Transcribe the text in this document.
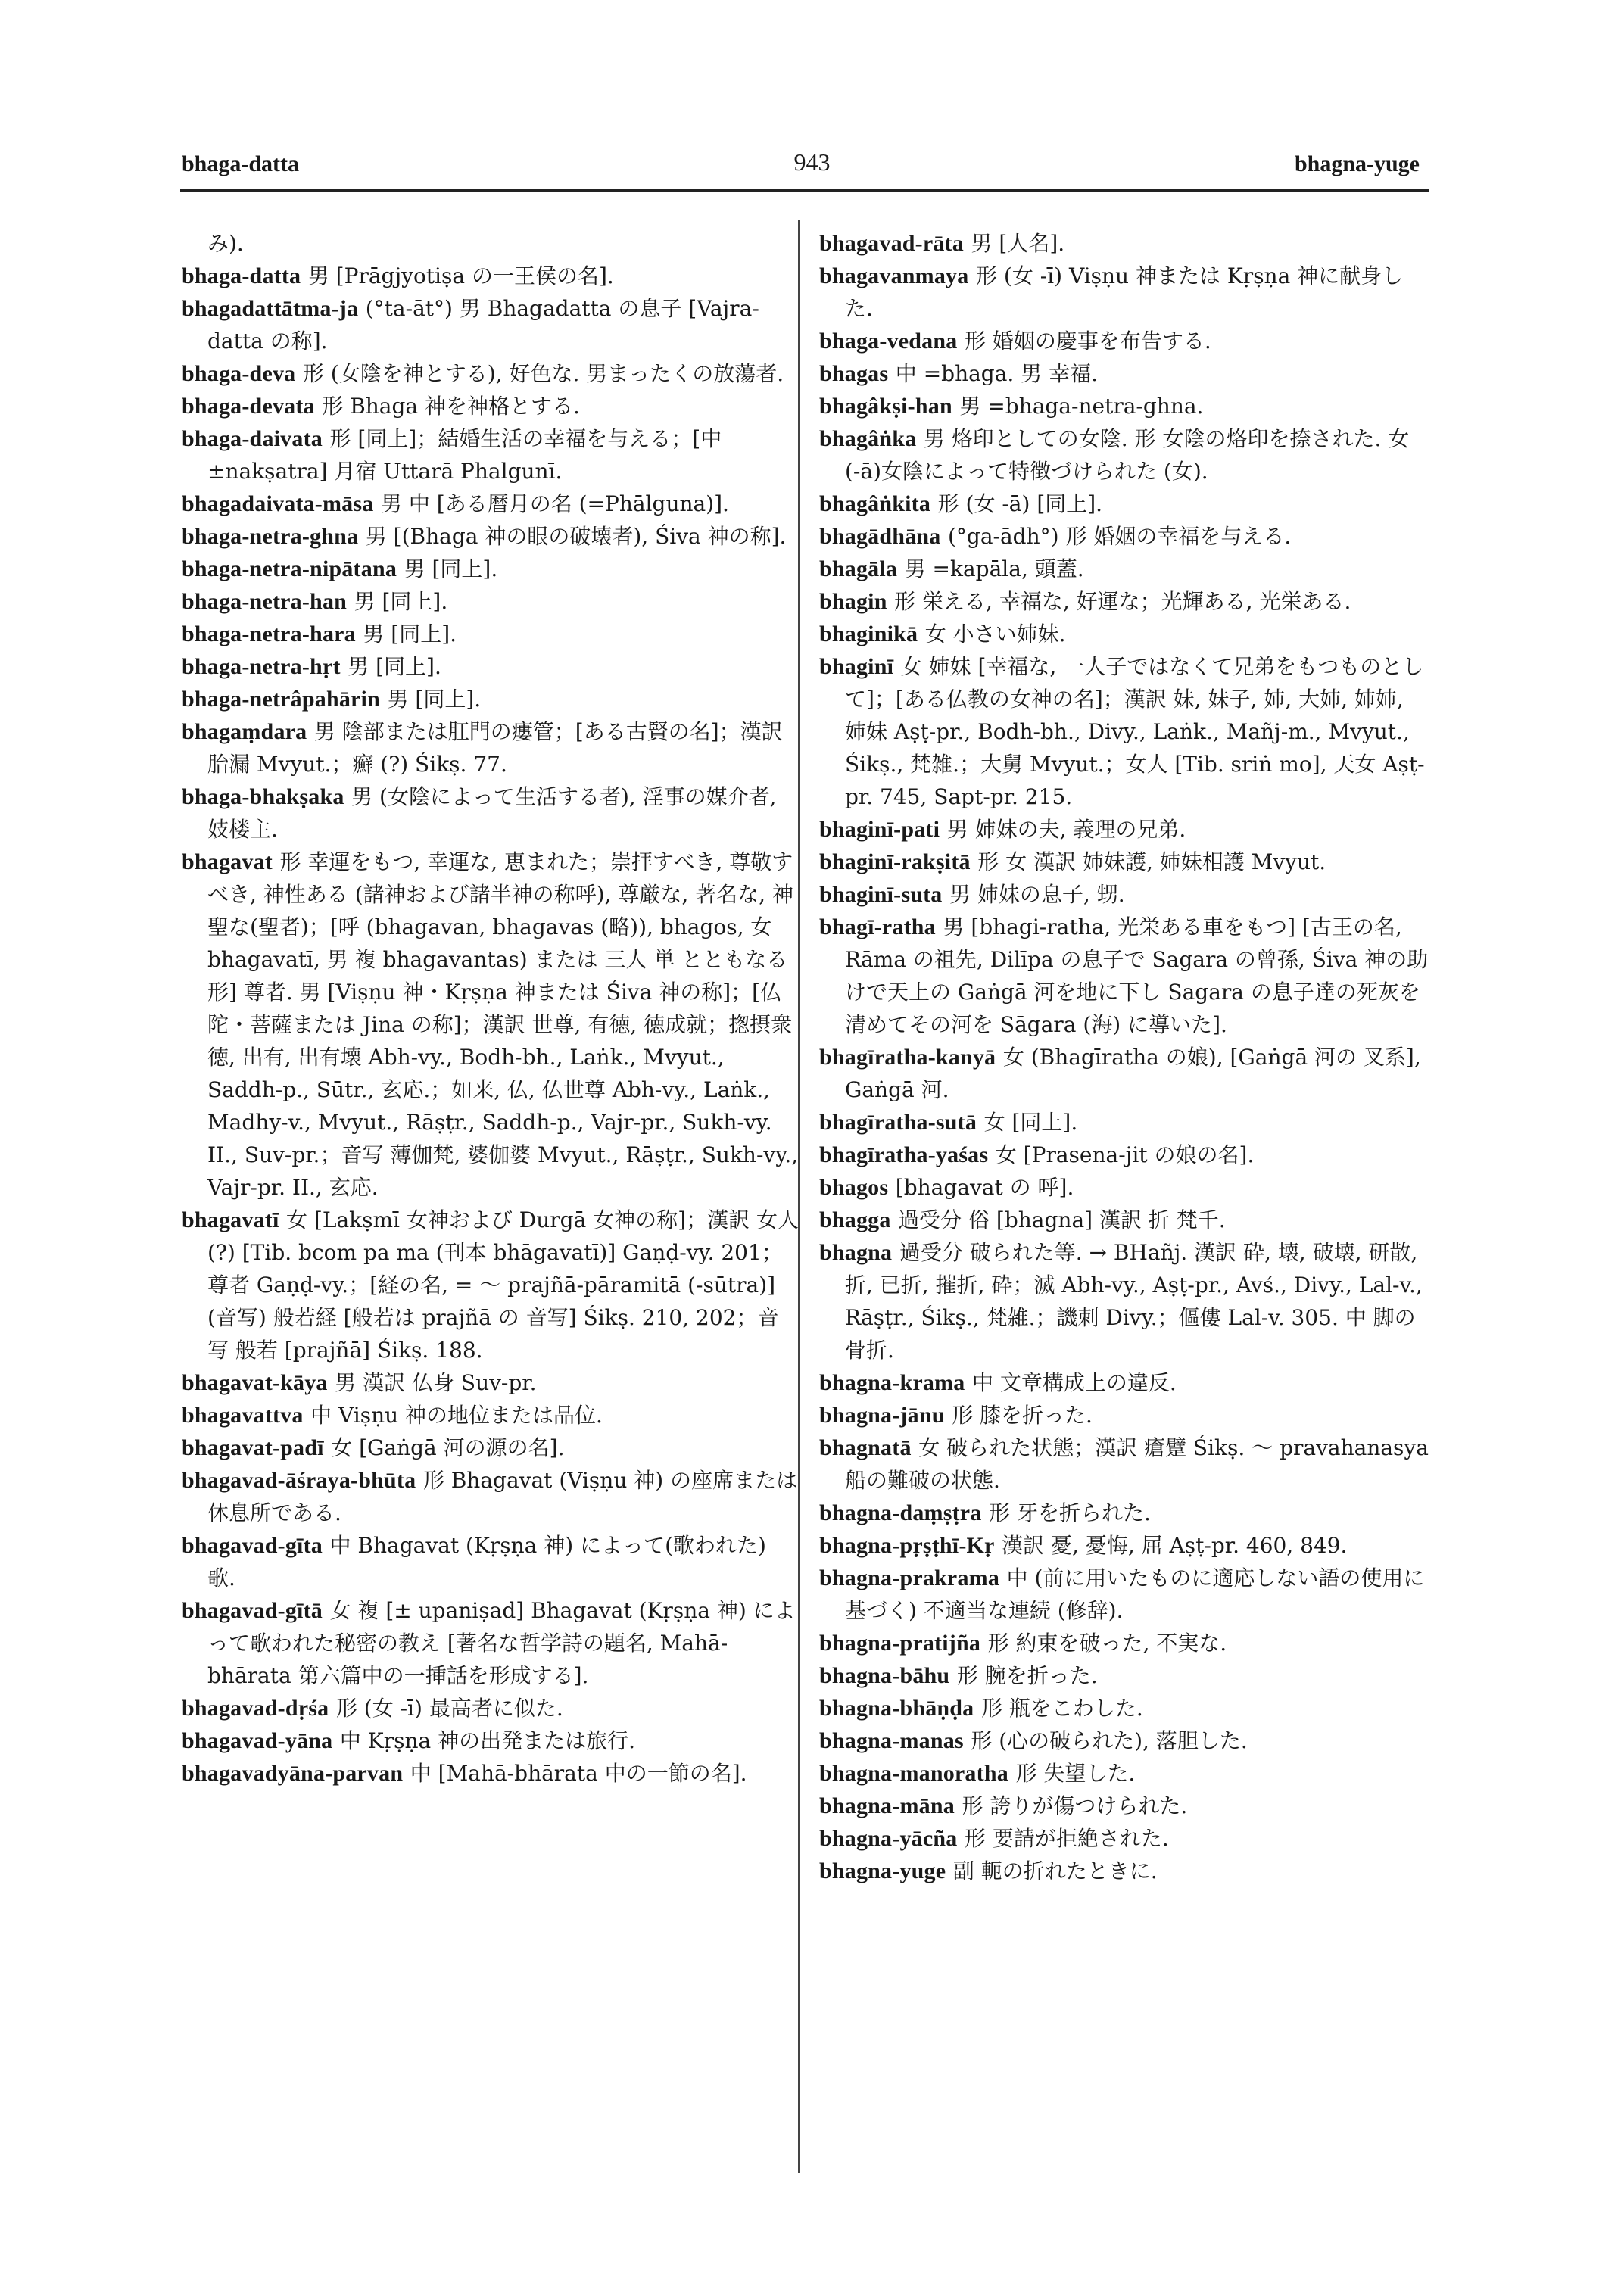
bhaga-datta	943	bhagna-yuge

み).

bhaga-datta 男 [Prāgjyotiṣa の一王侯の名].

bhagadattātma-ja (°ta-āt°) 男 Bhagadatta の息子 [Vajra-datta の称].

bhaga-deva 形 (女陰を神とする), 好色な. 男まったくの放蕩者.

bhaga-devata 形 Bhaga 神を神格とする.

bhaga-daivata 形 [同上]；結婚生活の幸福を与える；[中±nakṣatra] 月宿 Uttarā Phalgunī.

bhagadaivata-māsa 男 中 [ある暦月の名 (=Phālguna)].

bhaga-netra-ghna 男 [(Bhaga 神の眼の破壊者), Śiva 神の称].

bhaga-netra-nipātana 男 [同上].

bhaga-netra-han 男 [同上].

bhaga-netra-hara 男 [同上].

bhaga-netra-hṛt 男 [同上].

bhaga-netrâpahārin 男 [同上].

bhagaṃdara 男 陰部または肛門の瘻管；[ある古賢の名]；漢訳 胎漏 Mvyut.；癬 (?) Śikṣ. 77.

bhaga-bhakṣaka 男 (女陰によって生活する者), 淫事の媒介者, 妓楼主.

bhagavat 形 幸運をもつ, 幸運な, 恵まれた；崇拝すべき, 尊敬すべき, 神性ある (諸神および諸半神の称呼), 尊厳な, 著名な, 神聖な(聖者)；[呼 (bhagavan, bhagavas (略)), bhagos, 女 bhagavatī, 男 複 bhagavantas) または 三人 単 とともなる 形] 尊者. 男 [Viṣṇu 神・Kṛṣṇa 神または Śiva 神の称]；[仏陀・菩薩または Jina の称]；漢訳 世尊, 有徳, 徳成就；揔摂衆徳, 出有, 出有壊 Abh-vy., Bodh-bh., Laṅk., Mvyut., Saddh-p., Sūtr., 玄応.；如来, 仏, 仏世尊 Abh-vy., Laṅk., Madhy-v., Mvyut., Rāṣṭr., Saddh-p., Vajr-pr., Sukh-vy. II., Suv-pr.；音写 薄伽梵, 婆伽婆 Mvyut., Rāṣṭr., Sukh-vy., Vajr-pr. II., 玄応.

bhagavatī 女 [Lakṣmī 女神および Durgā 女神の称]；漢訳 女人 (?) [Tib. bcom pa ma (刊本 bhāgavatī)] Gaṇḍ-vy. 201；尊者 Gaṇḍ-vy.；[経の名, = ～ prajñā-pāramitā (-sūtra)] (音写) 般若経 [般若は prajñā の 音写] Śikṣ. 210, 202；音写 般若 [prajñā] Śikṣ. 188.

bhagavat-kāya 男 漢訳 仏身 Suv-pr.

bhagavattva 中 Viṣṇu 神の地位または品位.

bhagavat-padī 女 [Gaṅgā 河の源の名].

bhagavad-āśraya-bhūta 形 Bhagavat (Viṣṇu 神) の座席または休息所である.

bhagavad-gīta 中 Bhagavat (Kṛṣṇa 神) によって(歌われた) 歌.

bhagavad-gītā 女 複 [± upaniṣad] Bhagavat (Kṛṣṇa 神) によって歌われた秘密の教え [著名な哲学詩の題名, Mahā-bhārata 第六篇中の一挿話を形成する].

bhagavad-dṛśa 形 (女 -ī) 最高者に似た.

bhagavad-yāna 中 Kṛṣṇa 神の出発または旅行.

bhagavadyāna-parvan 中 [Mahā-bhārata 中の一節の名].

bhagavad-rāta 男 [人名].

bhagavanmaya 形 (女 -ī) Viṣṇu 神または Kṛṣṇa 神に献身した.

bhaga-vedana 形 婚姻の慶事を布告する.

bhagas 中 =bhaga. 男 幸福.

bhagâkṣi-han 男 =bhaga-netra-ghna.

bhagâṅka 男 烙印としての女陰. 形 女陰の烙印を捺された. 女 (-ā)女陰によって特徴づけられた (女).

bhagâṅkita 形 (女 -ā) [同上].

bhagādhāna (°ga-ādh°) 形 婚姻の幸福を与える.

bhagāla 男 =kapāla, 頭蓋.

bhagin 形 栄える, 幸福な, 好運な；光輝ある, 光栄ある.

bhaginikā 女 小さい姉妹.

bhaginī 女 姉妹 [幸福な, 一人子ではなくて兄弟をもつものとして]；[ある仏教の女神の名]；漢訳 妹, 妹子, 姉, 大姉, 姉姉, 姉妹 Aṣṭ-pr., Bodh-bh., Divy., Laṅk., Mañj-m., Mvyut., Śikṣ., 梵雑.；大舅 Mvyut.；女人 [Tib. sriṅ mo], 天女 Aṣṭ-pr. 745, Sapt-pr. 215.

bhaginī-pati 男 姉妹の夫, 義理の兄弟.

bhaginī-rakṣitā 形 女 漢訳 姉妹護, 姉妹相護 Mvyut.

bhaginī-suta 男 姉妹の息子, 甥.

bhagī-ratha 男 [bhagi-ratha, 光栄ある車をもつ] [古王の名, Rāma の祖先, Dilīpa の息子で Sagara の曾孫, Śiva 神の助けで天上の Gaṅgā 河を地に下し Sagara の息子達の死灰を清めてその河を Sāgara (海) に導いた].

bhagīratha-kanyā 女 (Bhagīratha の娘), [Gaṅgā 河の 叉系], Gaṅgā 河.

bhagīratha-sutā 女 [同上].

bhagīratha-yaśas 女 [Prasena-jit の娘の名].

bhagos [bhagavat の 呼].

bhagga 過受分 俗 [bhagna] 漢訳 折 梵千.

bhagna 過受分 破られた等. → BHañj. 漢訳 砕, 壊, 破壊, 研散, 折, 已折, 摧折, 砕；滅 Abh-vy., Aṣṭ-pr., Avś., Divy., Lal-v., Rāṣṭr., Śikṣ., 梵雑.；譏刺 Divy.；傴僂 Lal-v. 305. 中 脚の骨折.

bhagna-krama 中 文章構成上の違反.

bhagna-jānu 形 膝を折った.

bhagnatā 女 破られた状態；漢訳 瘡躄 Śikṣ. ～ pravahanasya 船の難破の状態.

bhagna-daṃṣṭra 形 牙を折られた.

bhagna-pṛṣṭhī-Kṛ 漢訳 憂, 憂悔, 屈 Aṣṭ-pr. 460, 849.

bhagna-prakrama 中 (前に用いたものに適応しない語の使用に基づく) 不適当な連続 (修辞).

bhagna-pratijña 形 約束を破った, 不実な.

bhagna-bāhu 形 腕を折った.

bhagna-bhāṇḍa 形 瓶をこわした.

bhagna-manas 形 (心の破られた), 落胆した.

bhagna-manoratha 形 失望した.

bhagna-māna 形 誇りが傷つけられた.

bhagna-yācña 形 要請が拒絶された.

bhagna-yuge 副 軛の折れたときに.
